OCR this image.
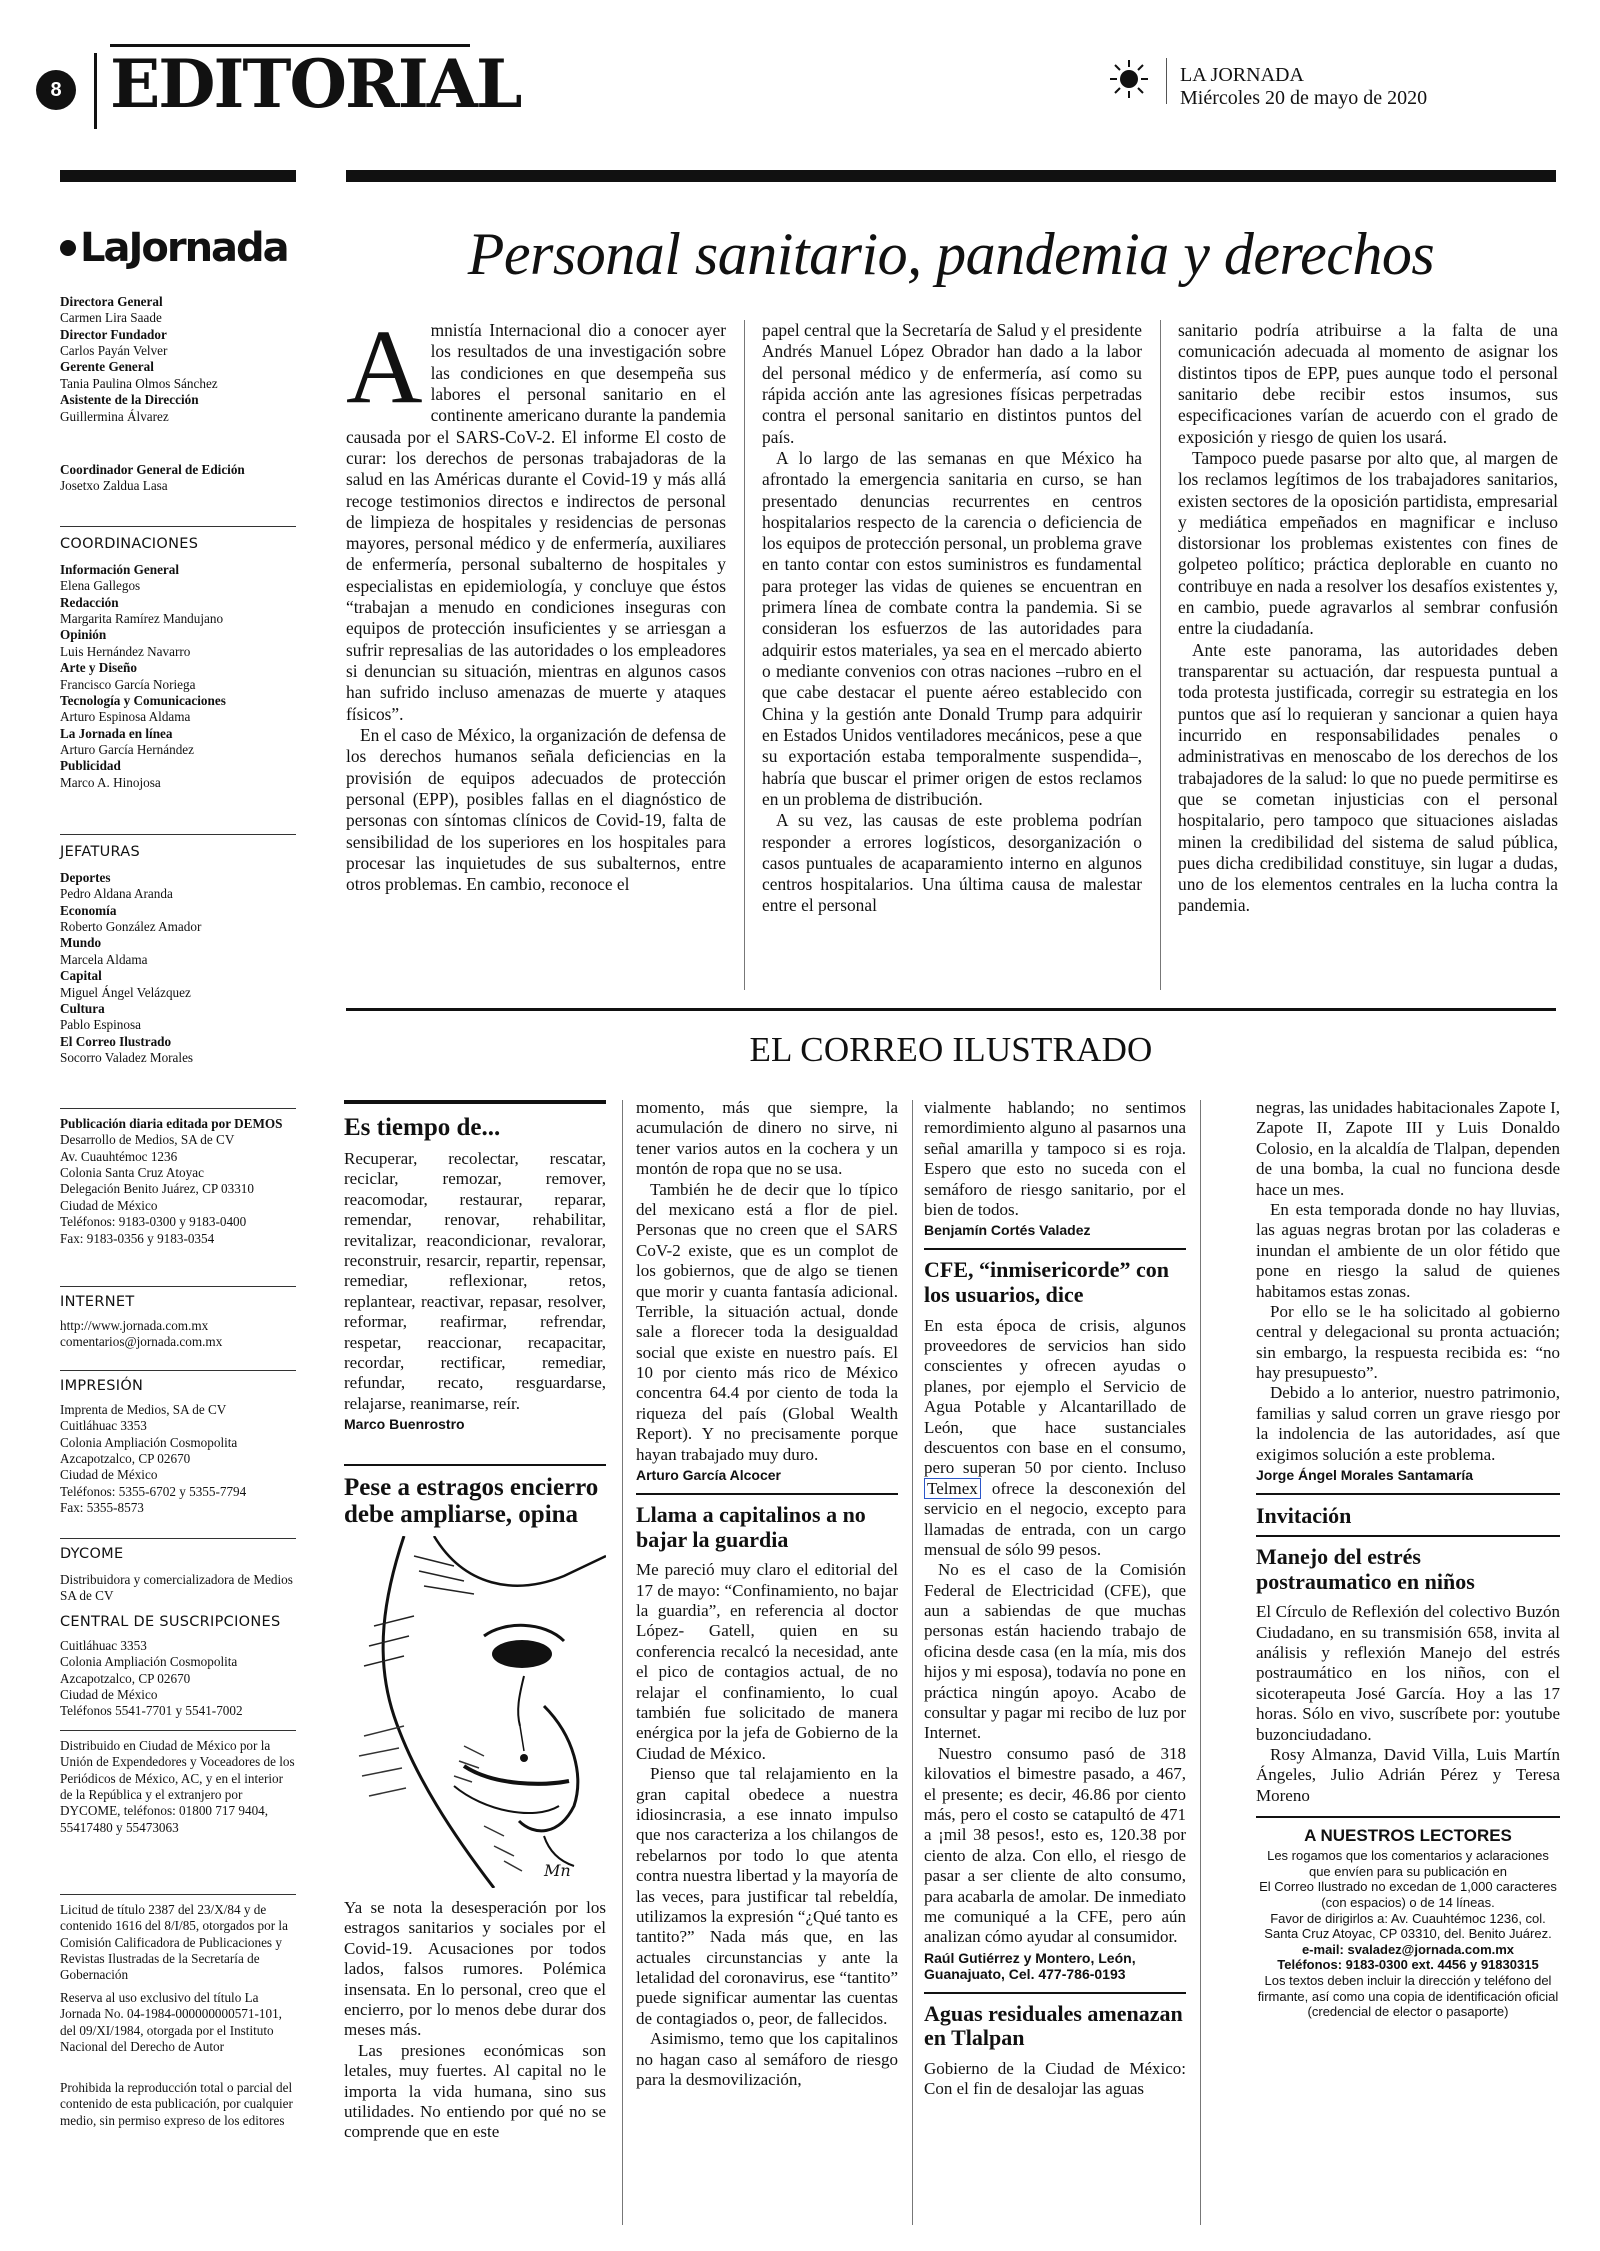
8 EDITORIAL	LA JORNADA
Miércoles 20 de mayo de 2020
LaJornada
Directora General
Carmen Lira Saade
Director Fundador
Carlos Payán Velver
Gerente General
Tania Paulina Olmos Sánchez
Asistente de la Dirección
Guillermina Álvarez
Coordinador General de Edición
Josetxo Zaldua Lasa
COORDINACIONES
Información General
Elena Gallegos
Redacción
Margarita Ramírez Mandujano
Opinión
Luis Hernández Navarro
Arte y Diseño
Francisco García Noriega
Tecnología y Comunicaciones
Arturo Espinosa Aldama
La Jornada en línea
Arturo García Hernández
Publicidad
Marco A. Hinojosa
JEFATURAS
Deportes
Pedro Aldana Aranda
Economía
Roberto González Amador
Mundo
Marcela Aldama
Capital
Miguel Ángel Velázquez
Cultura
Pablo Espinosa
El Correo Ilustrado
Socorro Valadez Morales
Publicación diaria editada por DEMOS
Desarrollo de Medios, SA de CV
Av. Cuauhtémoc 1236
Colonia Santa Cruz Atoyac
Delegación Benito Juárez, CP 03310
Ciudad de México
Teléfonos: 9183-0300 y 9183-0400
Fax: 9183-0356 y 9183-0354
INTERNET
http://www.jornada.com.mx
comentarios@jornada.com.mx
IMPRESIÓN
Imprenta de Medios, SA de CV
Cuitláhuac 3353
Colonia Ampliación Cosmopolita
Azcapotzalco, CP 02670
Ciudad de México
Teléfonos: 5355-6702 y 5355-7794
Fax: 5355-8573
DYCOME
Distribuidora y comercializadora de Medios SA de CV
CENTRAL DE SUSCRIPCIONES
Cuitláhuac 3353
Colonia Ampliación Cosmopolita
Azcapotzalco, CP 02670
Ciudad de México
Teléfonos 5541-7701 y 5541-7002
Distribuido en Ciudad de México por la Unión de Expendedores y Voceadores de los Periódicos de México, AC, y en el interior de la República y el extranjero por DYCOME, teléfonos: 01800 717 9404, 55417480 y 55473063
Licitud de título 2387 del 23/X/84 y de contenido 1616 del 8/I/85, otorgados por la Comisión Calificadora de Publicaciones y Revistas Ilustradas de la Secretaría de Gobernación
Reserva al uso exclusivo del título La Jornada No. 04-1984-000000000571-101, del 09/XI/1984, otorgada por el Instituto Nacional del Derecho de Autor
Prohibida la reproducción total o parcial del contenido de esta publicación, por cualquier medio, sin permiso expreso de los editores
Personal sanitario, pandemia y derechos

Amnistía Internacional dio a conocer ayer los resultados de una investigación sobre las condiciones en que desempeña sus labores el personal sanitario en el continente americano durante la pandemia causada por el SARS-CoV-2. El informe El costo de curar: los derechos de personas trabajadoras de la salud en las Américas durante el Covid-19 y más allá recoge testimonios directos e indirectos de personal de limpieza de hospitales y residencias de personas mayores, personal médico y de enfermería, auxiliares de enfermería, personal subalterno de hospitales y especialistas en epidemiología, y concluye que éstos “trabajan a menudo en condiciones inseguras con equipos de protección insuficientes y se arriesgan a sufrir represalias de las autoridades o los empleadores si denuncian su situación, mientras en algunos casos han sufrido incluso amenazas de muerte y ataques físicos”.

En el caso de México, la organización de defensa de los derechos humanos señala deficiencias en la provisión de equipos adecuados de protección personal (EPP), posibles fallas en el diagnóstico de personas con síntomas clínicos de Covid-19, falta de sensibilidad de los superiores en los hospitales para procesar las inquietudes de sus subalternos, entre otros problemas. En cambio, reconoce el

papel central que la Secretaría de Salud y el presidente Andrés Manuel López Obrador han dado a la labor del personal médico y de enfermería, así como su rápida acción ante las agresiones físicas perpetradas contra el personal sanitario en distintos puntos del país.

A lo largo de las semanas en que México ha afrontado la emergencia sanitaria en curso, se han presentado denuncias recurrentes en centros hospitalarios respecto de la carencia o deficiencia de los equipos de protección personal, un problema grave en tanto contar con estos suministros es fundamental para proteger las vidas de quienes se encuentran en primera línea de combate contra la pandemia. Si se consideran los esfuerzos de las autoridades para adquirir estos materiales, ya sea en el mercado abierto o mediante convenios con otras naciones –rubro en el que cabe destacar el puente aéreo establecido con China y la gestión ante Donald Trump para adquirir en Estados Unidos ventiladores mecánicos, pese a que su exportación estaba temporalmente suspendida–, habría que buscar el primer origen de estos reclamos en un problema de distribución.

A su vez, las causas de este problema podrían responder a errores logísticos, desorganización o casos puntuales de acaparamiento interno en algunos centros hospitalarios. Una última causa de malestar entre el personal

sanitario podría atribuirse a la falta de una comunicación adecuada al momento de asignar los distintos tipos de EPP, pues aunque todo el personal sanitario debe recibir estos insumos, sus especificaciones varían de acuerdo con el grado de exposición y riesgo de quien los usará.

Tampoco puede pasarse por alto que, al margen de los reclamos legítimos de los trabajadores sanitarios, existen sectores de la oposición partidista, empresarial y mediática empeñados en magnificar e incluso distorsionar los problemas existentes con fines de golpeteo político; práctica deplorable en cuanto no contribuye en nada a resolver los desafíos existentes y, en cambio, puede agravarlos al sembrar confusión entre la ciudadanía.

Ante este panorama, las autoridades deben transparentar su actuación, dar respuesta puntual a toda protesta justificada, corregir su estrategia en los puntos que así lo requieran y sancionar a quien haya incurrido en responsabilidades penales o administrativas en menoscabo de los derechos de los trabajadores de la salud: lo que no puede permitirse es que se cometan injusticias con el personal hospitalario, pero tampoco que situaciones aisladas minen la credibilidad del sistema de salud pública, pues dicha credibilidad constituye, sin lugar a dudas, uno de los elementos centrales en la lucha contra la pandemia.

EL CORREO ILUSTRADO
Es tiempo de...

Recuperar, recolectar, rescatar, reciclar, remozar, remover, reacomodar, restaurar, reparar, remendar, renovar, rehabilitar, revitalizar, reacondicionar, revalorar, reconstruir, resarcir, repartir, repensar, remediar, reflexionar, retos, replantear, reactivar, repasar, resolver, reformar, reafirmar, refrendar, respetar, reaccionar, recapacitar, recordar, rectificar, remediar, refundar, recato, resguardarse, relajarse, reanimarse, reír.

Marco Buenrostro

Pese a estragos encierro debe ampliarse, opina
Mn

Ya se nota la desesperación por los estragos sanitarios y sociales por el Covid-19. Acusaciones por todos lados, falsos rumores. Polémica insensata. En lo personal, creo que el encierro, por lo menos debe durar dos meses más.

Las presiones económicas son letales, muy fuertes. Al capital no le importa la vida humana, sino sus utilidades. No entiendo por qué no se comprende que en este

momento, más que siempre, la acumulación de dinero no sirve, ni tener varios autos en la cochera y un montón de ropa que no se usa.

También he de decir que lo típico del mexicano está a flor de piel. Personas que no creen que el SARS CoV-2 existe, que es un complot de los gobiernos, que de algo se tienen que morir y cuanta fantasía adicional. Terrible, la situación actual, donde sale a florecer toda la desigualdad social que existe en nuestro país. El 10 por ciento más rico de México concentra 64.4 por ciento de toda la riqueza del país (Global Wealth Report). Y no precisamente porque hayan trabajado muy duro.

Arturo García Alcocer

Llama a capitalinos a no bajar la guardia

Me pareció muy claro el editorial del 17 de mayo: “Confinamiento, no bajar la guardia”, en referencia al doctor López- Gatell, quien en su conferencia recalcó la necesidad, ante el pico de contagios actual, de no relajar el confinamiento, lo cual también fue solicitado de manera enérgica por la jefa de Gobierno de la Ciudad de México.

Pienso que tal relajamiento en la gran capital obedece a nuestra idiosincrasia, a ese innato impulso que nos caracteriza a los chilangos de rebelarnos por todo lo que atenta contra nuestra libertad y la mayoría de las veces, para justificar tal rebeldía, utilizamos la expresión “¿Qué tanto es tantito?” Nada más que, en las actuales circunstancias y ante la letalidad del coronavirus, ese “tantito” puede significar aumentar las cuentas de contagiados o, peor, de fallecidos.

Asimismo, temo que los capitalinos no hagan caso al semáforo de riesgo para la desmovilización,

vialmente hablando; no sentimos remordimiento alguno al pasarnos una señal amarilla y tampoco si es roja. Espero que esto no suceda con el semáforo de riesgo sanitario, por el bien de todos.

Benjamín Cortés Valadez

CFE, “inmisericorde” con los usuarios, dice

En esta época de crisis, algunos proveedores de servicios han sido conscientes y ofrecen ayudas o planes, por ejemplo el Servicio de Agua Potable y Alcantarillado de León, que hace sustanciales descuentos con base en el consumo, pero superan 50 por ciento. Incluso Telmex ofrece la desconexión del servicio en el negocio, excepto para llamadas de entrada, con un cargo mensual de sólo 99 pesos.

No es el caso de la Comisión Federal de Electricidad (CFE), que aun a sabiendas de que muchas personas están haciendo trabajo de oficina desde casa (en la mía, mis dos hijos y mi esposa), todavía no pone en práctica ningún apoyo. Acabo de consultar y pagar mi recibo de luz por Internet.

Nuestro consumo pasó de 318 kilovatios el bimestre pasado, a 467, el presente; es decir, 46.86 por ciento más, pero el costo se catapultó de 471 a ¡mil 38 pesos!, esto es, 120.38 por ciento de alza. Con ello, el riesgo de pasar a ser cliente de alto consumo, para acabarla de amolar. De inmediato me comuniqué a la CFE, pero aún analizan cómo ayudar al consumidor.

Raúl Gutiérrez y Montero, León, Guanajuato, Cel. 477-786-0193

Aguas residuales amenazan en Tlalpan

Gobierno de la Ciudad de México: Con el fin de desalojar las aguas

negras, las unidades habitacionales Zapote I, Zapote II, Zapote III y Luis Donaldo Colosio, en la alcaldía de Tlalpan, dependen de una bomba, la cual no funciona desde hace un mes.

En esta temporada donde no hay lluvias, las aguas negras brotan por las coladeras e inundan el ambiente de un olor fétido que pone en riesgo la salud de quienes habitamos estas zonas.

Por ello se le ha solicitado al gobierno central y delegacional su pronta actuación; sin embargo, la respuesta recibida es: “no hay presupuesto”.

Debido a lo anterior, nuestro patrimonio, familias y salud corren un grave riesgo por la indolencia de las autoridades, así que exigimos solución a este problema.

Jorge Ángel Morales Santamaría

Invitación
Manejo del estrés postraumatico en niños

El Círculo de Reflexión del colectivo Buzón Ciudadano, en su transmisión 658, invita al análisis y reflexión Manejo del estrés postraumático en los niños, con el sicoterapeuta José García. Hoy a las 17 horas. Sólo en vivo, suscríbete por: youtube buzonciudadano.

Rosy Almanza, David Villa, Luis Martín Ángeles, Julio Adrián Pérez y Teresa Moreno

A NUESTROS LECTORES
Les rogamos que los comentarios y aclaraciones que envíen para su publicación en
El Correo Ilustrado no excedan de 1,000 caracteres (con espacios) o de 14 líneas.
Favor de dirigirlos a: Av. Cuauhtémoc 1236, col. Santa Cruz Atoyac, CP 03310, del. Benito Juárez.
e-mail: svaladez@jornada.com.mx
Teléfonos: 9183-0300 ext. 4456 y 91830315
Los textos deben incluir la dirección y teléfono del firmante, así como una copia de identificación oficial (credencial de elector o pasaporte)
